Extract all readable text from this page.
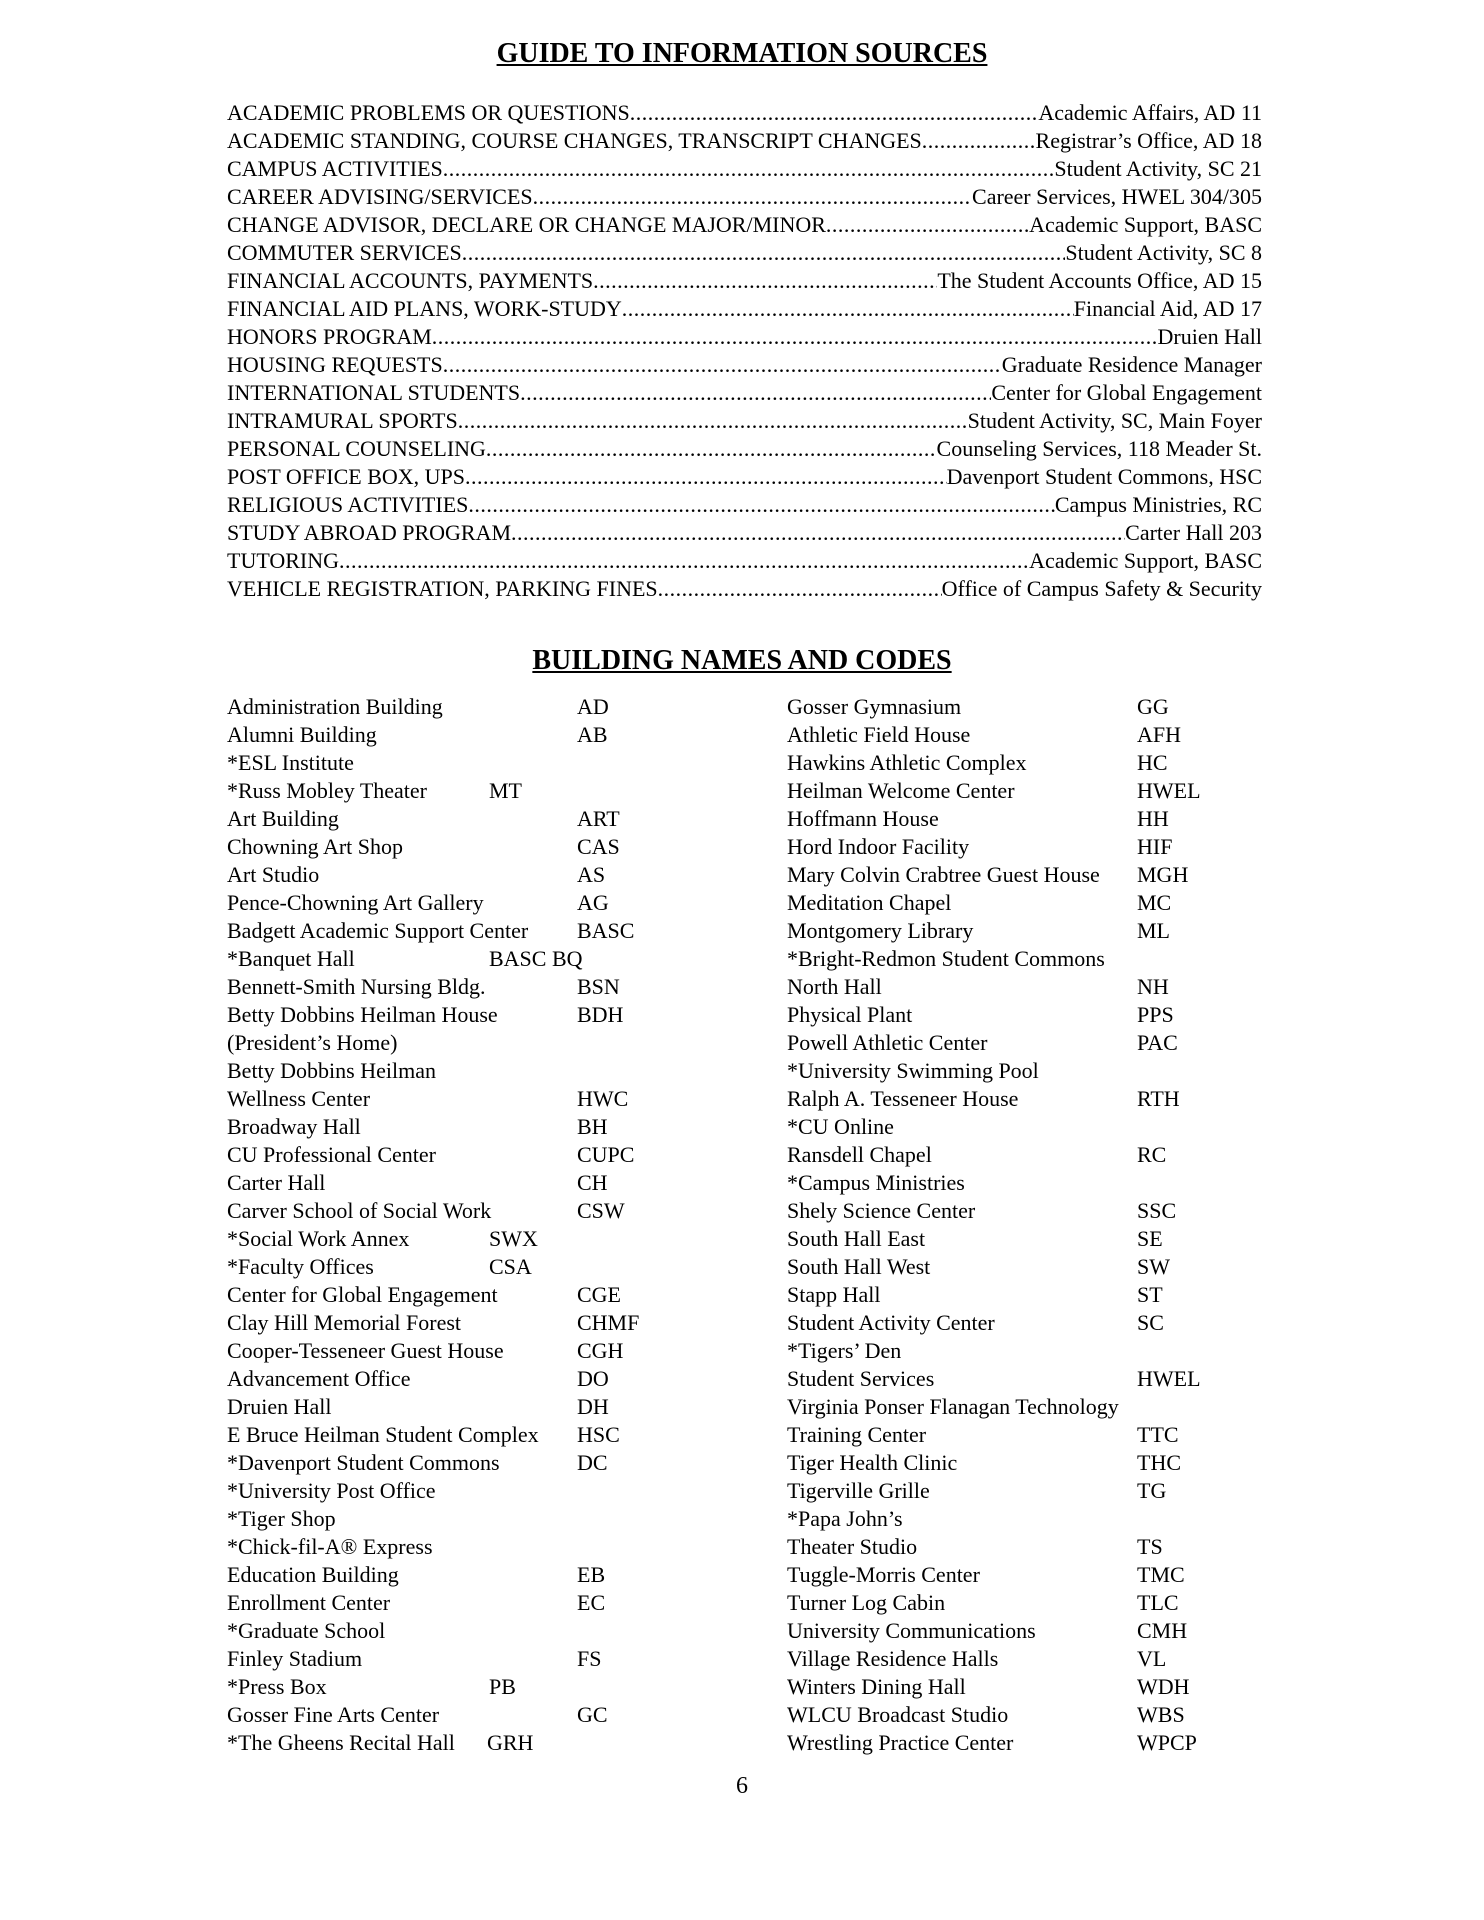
GUIDE TO INFORMATION SOURCES
ACADEMIC PROBLEMS OR QUESTIONS .....	Academic Affairs, AD 11
ACADEMIC STANDING, COURSE CHANGES, TRANSCRIPT CHANGES .....	Registrar’s Office, AD 18
CAMPUS ACTIVITIES .....	Student Activity, SC 21
CAREER ADVISING/SERVICES .....	Career Services, HWEL 304/305
CHANGE ADVISOR, DECLARE OR CHANGE MAJOR/MINOR .....	Academic Support, BASC
COMMUTER SERVICES .....	Student Activity, SC 8
FINANCIAL ACCOUNTS, PAYMENTS .....	The Student Accounts Office, AD 15
FINANCIAL AID PLANS, WORK-STUDY .....	Financial Aid, AD 17
HONORS PROGRAM .....	Druien Hall
HOUSING REQUESTS .....	Graduate Residence Manager
INTERNATIONAL STUDENTS .....	Center for Global Engagement
INTRAMURAL SPORTS .....	Student Activity, SC, Main Foyer
PERSONAL COUNSELING .....	Counseling Services, 118 Meader St.
POST OFFICE BOX, UPS .....	Davenport Student Commons, HSC
RELIGIOUS ACTIVITIES .....	Campus Ministries, RC
STUDY ABROAD PROGRAM .....	Carter Hall 203
TUTORING .....	Academic Support, BASC
VEHICLE REGISTRATION, PARKING FINES .....	Office of Campus Safety & Security
BUILDING NAMES AND CODES
Administration Building	AD
Alumni Building	AB
*ESL Institute
*Russ Mobley Theater	MT
Art Building	ART
Chowning Art Shop	CAS
Art Studio	AS
Pence-Chowning Art Gallery	AG
Badgett Academic Support Center BASC
*Banquet Hall	BASC BQ
Bennett-Smith Nursing Bldg.	BSN
Betty Dobbins Heilman House	BDH
(President’s Home)
Betty Dobbins Heilman
Wellness Center	HWC
Broadway Hall	BH
CU Professional Center	CUPC
Carter Hall	CH
Carver School of Social Work	CSW
*Social Work Annex	SWX
*Faculty Offices	CSA
Center for Global Engagement	CGE
Clay Hill Memorial Forest	CHMF
Cooper-Tesseneer Guest House	CGH
Advancement Office	DO
Druien Hall	DH
E Bruce Heilman Student Complex HSC
*Davenport Student Commons	DC
*University Post Office
*Tiger Shop
*Chick-fil-A® Express
Education Building	EB
Enrollment Center	EC
*Graduate School
Finley Stadium	FS
*Press Box	PB
Gosser Fine Arts Center	GC
*The Gheens Recital Hall GRH
Gosser Gymnasium	GG
Athletic Field House	AFH
Hawkins Athletic Complex	HC
Heilman Welcome Center	HWEL
Hoffmann House	HH
Hord Indoor Facility	HIF
Mary Colvin Crabtree Guest House MGH
Meditation Chapel	MC
Montgomery Library	ML
*Bright-Redmon Student Commons
North Hall	NH
Physical Plant	PPS
Powell Athletic Center	PAC
*University Swimming Pool
Ralph A. Tesseneer House	RTH
*CU Online
Ransdell Chapel	RC
*Campus Ministries
Shely Science Center	SSC
South Hall East	SE
South Hall West	SW
Stapp Hall	ST
Student Activity Center	SC
*Tigers’ Den
Student Services	HWEL
Virginia Ponser Flanagan Technology
Training Center	TTC
Tiger Health Clinic	THC
Tigerville Grille	TG
*Papa John’s
Theater Studio	TS
Tuggle-Morris Center	TMC
Turner Log Cabin	TLC
University Communications	CMH
Village Residence Halls	VL
Winters Dining Hall	WDH
WLCU Broadcast Studio	WBS
Wrestling Practice Center	WPCP
6
